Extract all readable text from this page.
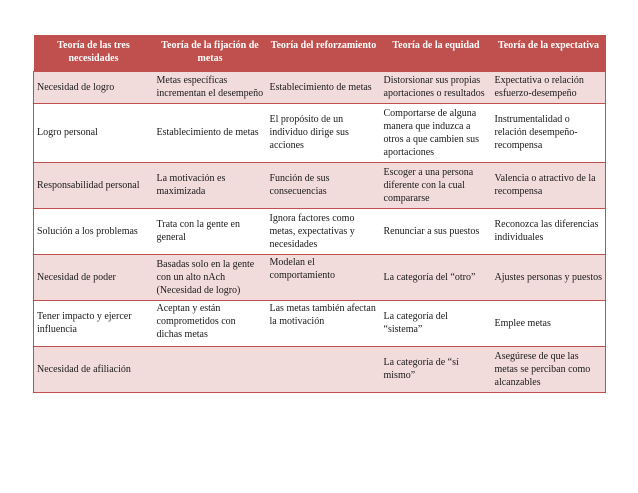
Teoría de las tres necesidades	Teoría de la fijación de metas	Teoría del reforzamiento	Teoría de la equidad	Teoría de la expectativa
Necesidad de logro	Metas específicas incrementan el desempeño	Establecimiento de metas	Distorsionar sus propias aportaciones o resultados	Expectativa o relación esfuerzo-desempeño
Logro personal	Establecimiento de metas	El propósito de un individuo dirige sus acciones	Comportarse de alguna manera que induzca a otros a que cambien sus aportaciones	Instrumentalidad o relación desempeño-recompensa
Responsabilidad personal	La motivación es maximizada	Función de sus consecuencias	Escoger a una persona diferente con la cual compararse	Valencia o atractivo de la recompensa
Solución a los problemas	Trata con la gente en general	Ignora factores como metas, expectativas y necesidades	Renunciar a sus puestos	Reconozca las diferencias individuales
Necesidad de poder	Basadas solo en la gente con un alto nAch (Necesidad de logro)	Modelan el comportamiento	La categoría del “otro”	Ajustes personas y puestos
Tener impacto y ejercer influencia	Aceptan y están comprometidos con dichas metas	Las metas también afectan la motivación	La categoría del “sistema”	Emplee metas
Necesidad de afiliación			La categoría de “sí mismo”	Asegúrese de que las metas se perciban como alcanzables
